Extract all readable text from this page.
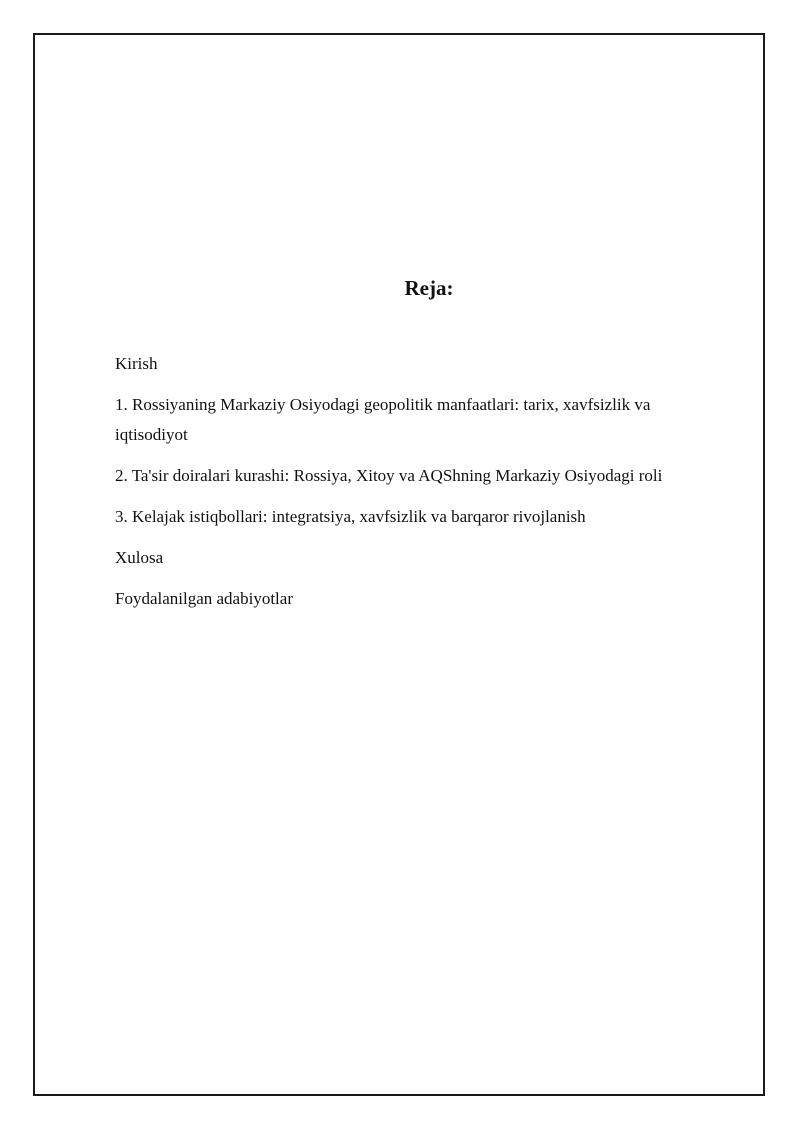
Reja:
Kirish
1. Rossiyaning Markaziy Osiyodagi geopolitik manfaatlari: tarix, xavfsizlik va iqtisodiyot
2. Ta'sir doiralari kurashi: Rossiya, Xitoy va AQShning Markaziy Osiyodagi roli
3. Kelajak istiqbollari: integratsiya, xavfsizlik va barqaror rivojlanish
Xulosa
Foydalanilgan adabiyotlar
